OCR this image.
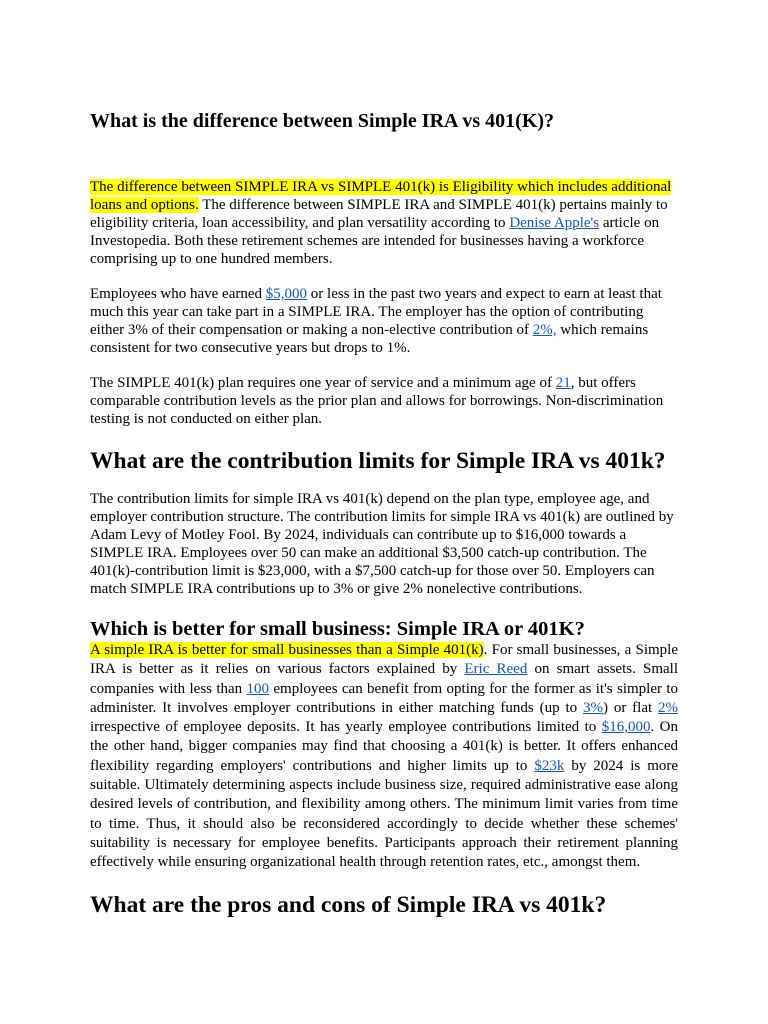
What is the difference between Simple IRA vs 401(K)?

The difference between SIMPLE IRA vs SIMPLE 401(k) is Eligibility which includes additional loans and options. The difference between SIMPLE IRA and SIMPLE 401(k) pertains mainly to eligibility criteria, loan accessibility, and plan versatility according to Denise Apple's article on Investopedia. Both these retirement schemes are intended for businesses having a workforce comprising up to one hundred members.

Employees who have earned $5,000 or less in the past two years and expect to earn at least that much this year can take part in a SIMPLE IRA. The employer has the option of contributing either 3% of their compensation or making a non-elective contribution of 2%, which remains consistent for two consecutive years but drops to 1%.

The SIMPLE 401(k) plan requires one year of service and a minimum age of 21, but offers comparable contribution levels as the prior plan and allows for borrowings. Non-discrimination testing is not conducted on either plan.

What are the contribution limits for Simple IRA vs 401k?

The contribution limits for simple IRA vs 401(k) depend on the plan type, employee age, and employer contribution structure. The contribution limits for simple IRA vs 401(k) are outlined by Adam Levy of Motley Fool. By 2024, individuals can contribute up to $16,000 towards a SIMPLE IRA. Employees over 50 can make an additional $3,500 catch-up contribution. The 401(k)-contribution limit is $23,000, with a $7,500 catch-up for those over 50. Employers can match SIMPLE IRA contributions up to 3% or give 2% nonelective contributions.

Which is better for small business: Simple IRA or 401K?

A simple IRA is better for small businesses than a Simple 401(k). For small businesses, a Simple IRA is better as it relies on various factors explained by Eric Reed on smart assets. Small companies with less than 100 employees can benefit from opting for the former as it's simpler to administer. It involves employer contributions in either matching funds (up to 3%) or flat 2% irrespective of employee deposits. It has yearly employee contributions limited to $16,000. On the other hand, bigger companies may find that choosing a 401(k) is better. It offers enhanced flexibility regarding employers' contributions and higher limits up to $23k by 2024 is more suitable. Ultimately determining aspects include business size, required administrative ease along desired levels of contribution, and flexibility among others. The minimum limit varies from time to time. Thus, it should also be reconsidered accordingly to decide whether these schemes' suitability is necessary for employee benefits. Participants approach their retirement planning effectively while ensuring organizational health through retention rates, etc., amongst them.

What are the pros and cons of Simple IRA vs 401k?
